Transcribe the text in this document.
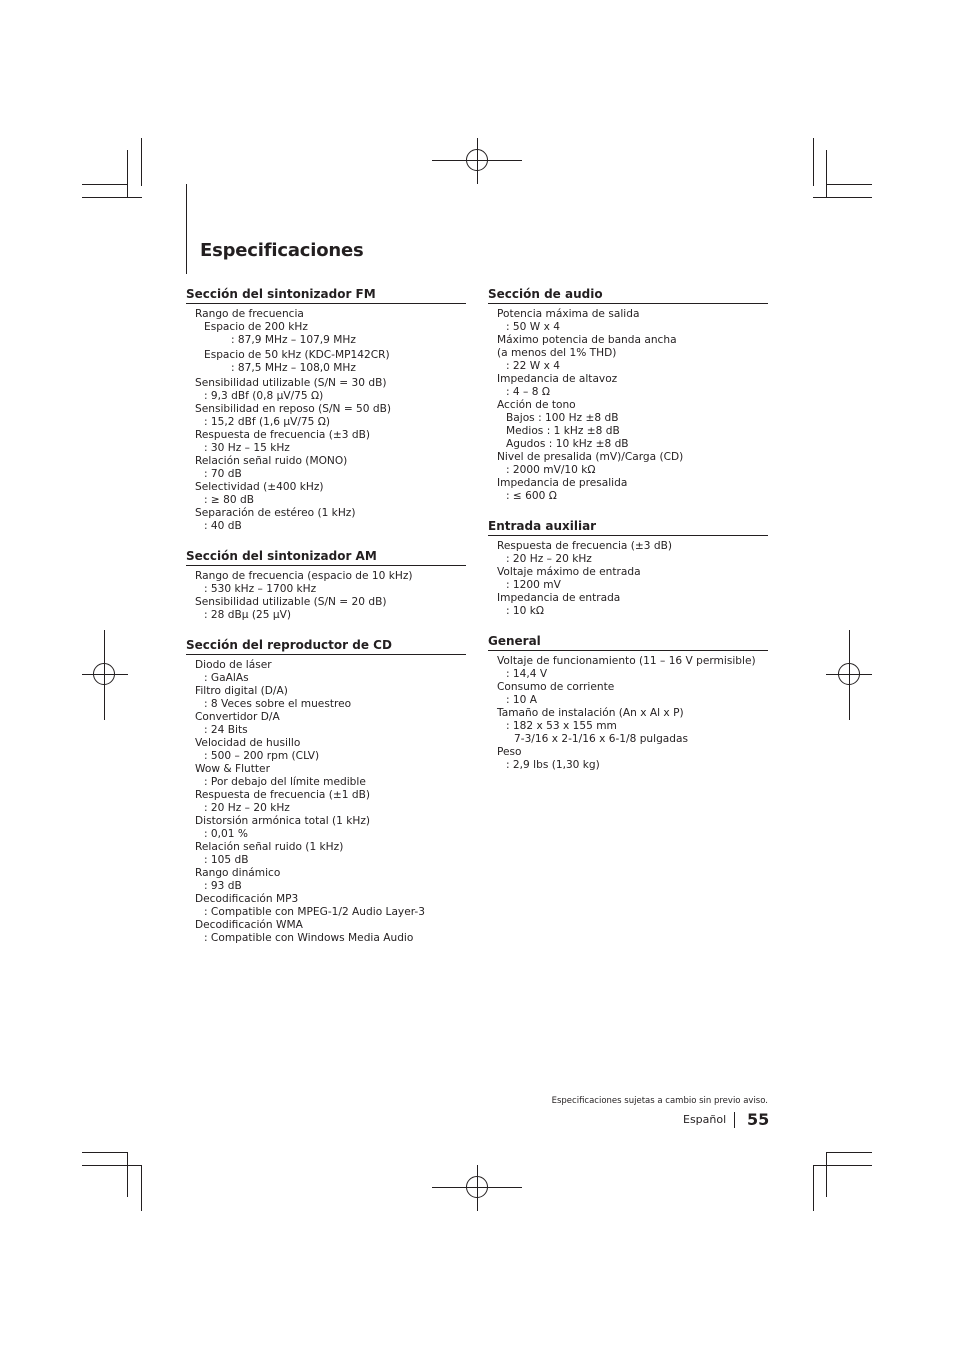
Especificaciones
Sección del sintonizador FM
Rango de frecuencia
Espacio de 200 kHz
: 87,9 MHz – 107,9 MHz
Espacio de 50 kHz (KDC-MP142CR)
: 87,5 MHz – 108,0 MHz
Sensibilidad utilizable (S/N = 30 dB)
: 9,3 dBf (0,8 μV/75 Ω)
Sensibilidad en reposo (S/N = 50 dB)
: 15,2 dBf (1,6 μV/75 Ω)
Respuesta de frecuencia (±3 dB)
: 30 Hz – 15 kHz
Relación señal ruido (MONO)
: 70 dB
Selectividad (±400 kHz)
: ≥ 80 dB
Separación de estéreo (1 kHz)
: 40 dB
Sección del sintonizador AM
Rango de frecuencia (espacio de 10 kHz)
: 530 kHz – 1700 kHz
Sensibilidad utilizable (S/N = 20 dB)
: 28 dBμ (25 μV)
Sección del reproductor de CD
Diodo de láser
: GaAlAs
Filtro digital (D/A)
: 8 Veces sobre el muestreo
Convertidor D/A
: 24 Bits
Velocidad de husillo
: 500 – 200 rpm (CLV)
Wow & Flutter
: Por debajo del límite medible
Respuesta de frecuencia (±1 dB)
: 20 Hz – 20 kHz
Distorsión armónica total (1 kHz)
: 0,01 %
Relación señal ruido (1 kHz)
: 105 dB
Rango dinámico
: 93 dB
Decodificación MP3
: Compatible con MPEG-1/2 Audio Layer-3
Decodificación WMA
: Compatible con Windows Media Audio
Sección de audio
Potencia máxima de salida
: 50 W x 4
Máximo potencia de banda ancha
(a menos del 1% THD)
: 22 W x 4
Impedancia de altavoz
: 4 – 8 Ω
Acción de tono
Bajos : 100 Hz ±8 dB
Medios : 1 kHz ±8 dB
Agudos : 10 kHz ±8 dB
Nivel de presalida (mV)/Carga (CD)
: 2000 mV/10 kΩ
Impedancia de presalida
: ≤ 600 Ω
Entrada auxiliar
Respuesta de frecuencia (±3 dB)
: 20 Hz – 20 kHz
Voltaje máximo de entrada
: 1200 mV
Impedancia de entrada
: 10 kΩ
General
Voltaje de funcionamiento (11 – 16 V permisible)
: 14,4 V
Consumo de corriente
: 10 A
Tamaño de instalación (An x Al x P)
: 182 x 53 x 155 mm
7-3/16 x 2-1/16 x 6-1/8 pulgadas
Peso
: 2,9 lbs (1,30 kg)
Especificaciones sujetas a cambio sin previo aviso.
Español 55
